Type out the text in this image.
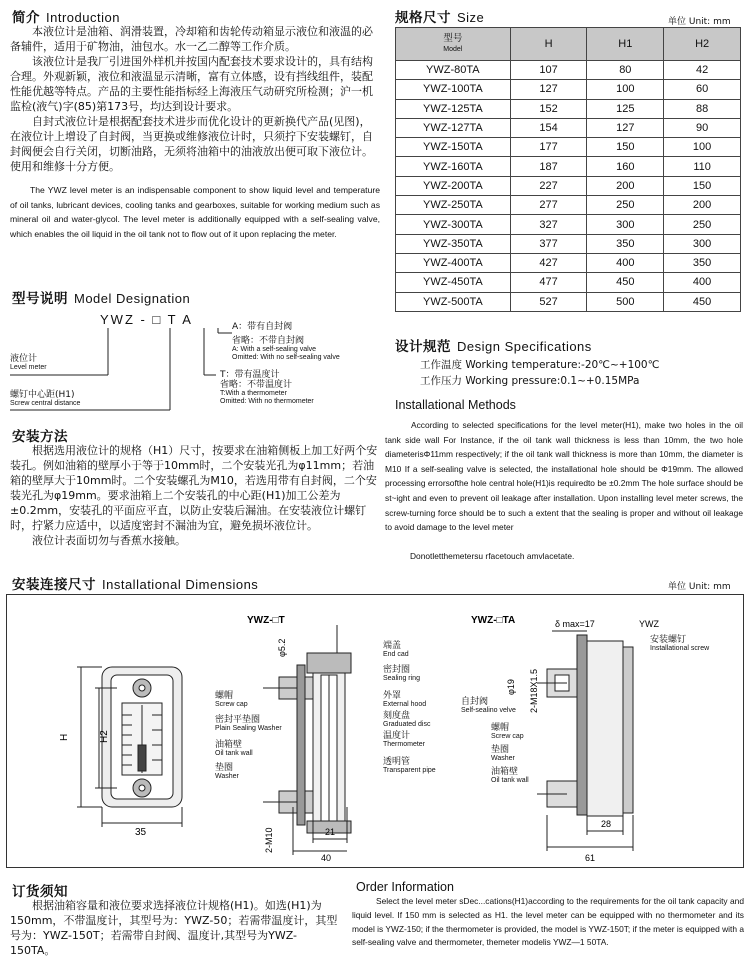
简介 Introduction

本液位计是油箱、润滑装置，冷却箱和齿轮传动箱显示液位和液温的必备辅件，适用于矿物油，油包水。水一乙二醇等工作介质。

该液位计是我厂引进国外样机并按国内配套技术要求设计的，具有结构合理。外观新颖，液位和液温显示清晰，富有立体感，设有挡线组件，装配性能优越等特点。产品的主要性能指标经上海液压气动研究所检测；沪一机监检(液气)字(85)第173号，均达到设计要求。

自封式液位计是根据配套技术进步而优化设计的更新换代产品(见图)，在液位计上增设了自封阀，当更换或维修液位计时，只须拧下安装螺钉，自封阀便会自行关闭，切断油路，无须将油箱中的油液放出便可取下液位计。使用和维修十分方便。

The YWZ level meter is an indispensable component to show liquid level and temperature of oil tanks, lubricant devices, cooling tanks and gearboxes, suitable for working medium such as mineral oil and water-glycol. The level meter is additionally equipped with a self-sealing valve, which enables the oil liquid in the oil tank not to flow out of it upon replacing the meter.
型号说明 Model Designation
YWZ - □ T A	A：带有自封阀
省略：不带自封阀
A: With a self-sealing valve
Omitted: With no self-sealing valve
T：带有温度计
省略：不带温度计
T:With a thermometer
Omitted: With no thermometer
液位计
Level meter
螺钉中心距(H1)
Screw central distance
安装方法

根据选用液位计的规格（H1）尺寸，按要求在油箱侧板上加工好两个安装孔。例如油箱的壁厚小于等于10mm时，二个安装光孔为φ11mm；若油箱的壁厚大于10mm时。二个安装螺孔为M10，若选用带有自封阀，二个安装光孔为φ19mm。要求油箱上二个安装孔的中心距(H1)加工公差为±0.2mm，安装孔的平面应平直，以防止安装后漏油。在安装液位计螺钉时，拧紧力应适中，以适度密封不漏油为宜，避免损坏液位计。

液位计表面切勿与香蕉水接触。

规格尺寸 Size	单位 Unit: mm
型号
Model	H	H1	H2
YWZ-80TA	107	80	42
YWZ-100TA	127	100	60
YWZ-125TA	152	125	88
YWZ-127TA	154	127	90
YWZ-150TA	177	150	100
YWZ-160TA	187	160	110
YWZ-200TA	227	200	150
YWZ-250TA	277	250	200
YWZ-300TA	327	300	250
YWZ-350TA	377	350	300
YWZ-400TA	427	400	350
YWZ-450TA	477	450	400
YWZ-500TA	527	500	450
设计规范 Design Specifications
工作温度 Working temperature:-20℃~+100℃
工作压力 Working pressure:0.1~+0.15MPa
Installational Methods
According to selected specifications for the level meter(H1), make two holes in the oil tank side wall For Instance, if the oil tank wall thickness is less than 10mm, the two hole diameterisΦ11mm respectively; if the oil tank wall thickness is more than 10mm, the diameter is M10 If a self-sealing valve is selected, the installational hole should be Φ19mm. The allowed processing errorsofthe hole central hole(H1)is requiredto be ±0.2mm The hole surface should be st~ight and even to prevent oil leakage after installation. Upon installing level meter screws, the screw-turning force should be to such a extent that the sealing is proper and without oil leakage to avoid damage to the level meter
Donotletthemetersu rfacetouch amvlacetate.
安装连接尺寸 Installational Dimensions	单位 Unit: mm
H	H2
35
YWZ-□T
φ5.2
2-M10	21
40
YWZ-□TA	δ max=17	YWZ
2-M18X1.5
φ19
28
61
螺帽
Screw cap
密封平垫圈
Plain Sealing Washer
油箱壁
Oil tank wall
垫圈
Washer
端盖
End cad
密封圈
Sealing ring
外罩
External hood
刻度盘
Graduated disc
温度计
Thermometer
透明管
Transparent pipe
安装螺钉
Installational screw
自封阀
Self-sealino velve
螺帽
Screw cap
垫圈
Washer
油箱壁
Oil tank wall
订货须知
根据油箱容量和液位要求选择液位计规格(H1)。如选(H1)为150mm，不带温度计，其型号为：YWZ-50；若需带温度计，其型号为：YWZ-150T；若需带自封阀、温度计,其型号为YWZ-150TA。
Order Information
Select the level meter sDec...cations(H1)according to the requirements for the oil tank capacity and liquid level. If 150 mm is selected as H1. the level meter can be equipped with no thermometer and its model is YWZ-150; if the thermometer is provided, the model is YWZ-150T; if the meter is equipped with a self-sealing valve and thermometer, themeter modelis YWZ—1 50TA.
